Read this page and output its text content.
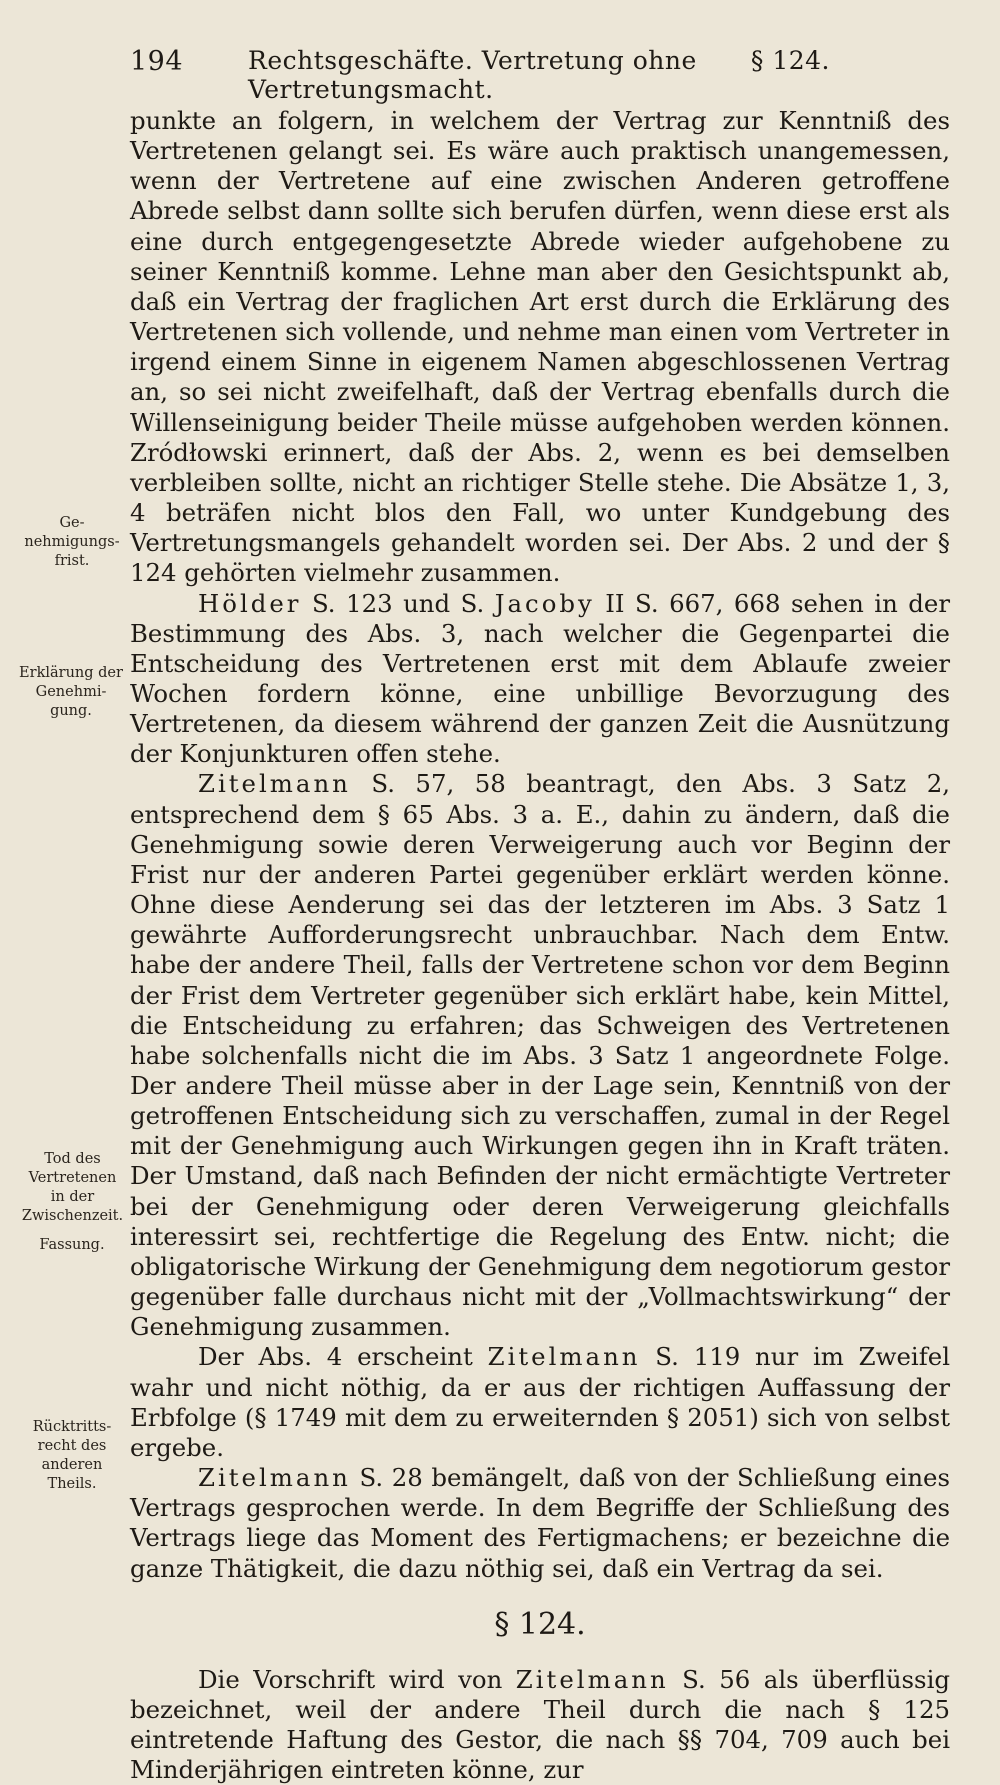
194	Rechtsgeschäfte. Vertretung ohne Vertretungsmacht.
§ 124.
Ge-
nehmigungs-
frist.
Erklärung der
Genehmi-
gung.
Tod des
Vertretenen
in der
Zwischenzeit.
Fassung.
Rücktritts-
recht des
anderen
Theils.

punkte an folgern, in welchem der Vertrag zur Kenntniß des Vertretenen gelangt sei. Es wäre auch praktisch unangemessen, wenn der Vertretene auf eine zwischen Anderen getroffene Abrede selbst dann sollte sich berufen dürfen, wenn diese erst als eine durch entgegengesetzte Abrede wieder aufgehobene zu seiner Kenntniß komme. Lehne man aber den Gesichtspunkt ab, daß ein Vertrag der fraglichen Art erst durch die Erklärung des Vertretenen sich vollende, und nehme man einen vom Vertreter in irgend einem Sinne in eigenem Namen abgeschlossenen Vertrag an, so sei nicht zweifelhaft, daß der Vertrag ebenfalls durch die Willenseinigung beider Theile müsse aufgehoben werden können. Zródłowski erinnert, daß der Abs. 2, wenn es bei demselben verbleiben sollte, nicht an richtiger Stelle stehe. Die Absätze 1, 3, 4 beträfen nicht blos den Fall, wo unter Kundgebung des Vertretungsmangels gehandelt worden sei. Der Abs. 2 und der § 124 gehörten vielmehr zusammen.

Hölder S. 123 und S. Jacoby II S. 667, 668 sehen in der Bestimmung des Abs. 3, nach welcher die Gegenpartei die Entscheidung des Vertretenen erst mit dem Ablaufe zweier Wochen fordern könne, eine unbillige Bevorzugung des Vertretenen, da diesem während der ganzen Zeit die Ausnützung der Konjunkturen offen stehe.

Zitelmann S. 57, 58 beantragt, den Abs. 3 Satz 2, entsprechend dem § 65 Abs. 3 a. E., dahin zu ändern, daß die Genehmigung sowie deren Verweigerung auch vor Beginn der Frist nur der anderen Partei gegenüber erklärt werden könne. Ohne diese Aenderung sei das der letzteren im Abs. 3 Satz 1 gewährte Aufforderungsrecht unbrauchbar. Nach dem Entw. habe der andere Theil, falls der Vertretene schon vor dem Beginn der Frist dem Vertreter gegenüber sich erklärt habe, kein Mittel, die Entscheidung zu erfahren; das Schweigen des Vertretenen habe solchenfalls nicht die im Abs. 3 Satz 1 angeordnete Folge. Der andere Theil müsse aber in der Lage sein, Kenntniß von der getroffenen Entscheidung sich zu verschaffen, zumal in der Regel mit der Genehmigung auch Wirkungen gegen ihn in Kraft träten. Der Umstand, daß nach Befinden der nicht ermächtigte Vertreter bei der Genehmigung oder deren Verweigerung gleichfalls interessirt sei, rechtfertige die Regelung des Entw. nicht; die obligatorische Wirkung der Genehmigung dem negotiorum gestor gegenüber falle durchaus nicht mit der „Vollmachtswirkung“ der Genehmigung zusammen.

Der Abs. 4 erscheint Zitelmann S. 119 nur im Zweifel wahr und nicht nöthig, da er aus der richtigen Auffassung der Erbfolge (§ 1749 mit dem zu erweiternden § 2051) sich von selbst ergebe.

Zitelmann S. 28 bemängelt, daß von der Schließung eines Vertrags gesprochen werde. In dem Begriffe der Schließung des Vertrags liege das Moment des Fertigmachens; er bezeichne die ganze Thätigkeit, die dazu nöthig sei, daß ein Vertrag da sei.

§ 124.

Die Vorschrift wird von Zitelmann S. 56 als überflüssig bezeichnet, weil der andere Theil durch die nach § 125 eintretende Haftung des Gestor, die nach §§ 704, 709 auch bei Minderjährigen eintreten könne, zur
